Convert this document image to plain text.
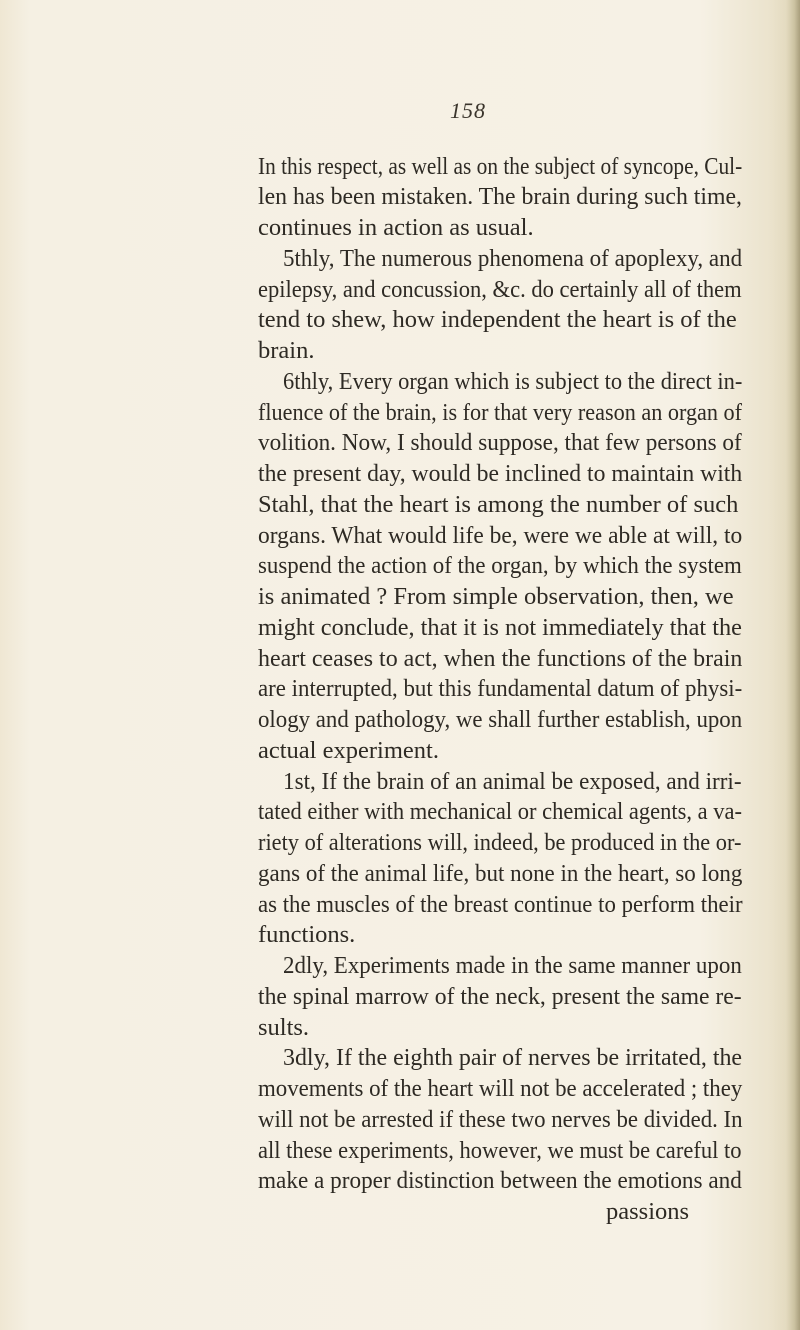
158
In this respect, as well as on the subject of syncope, Cul-
len has been mistaken. The brain during such time,
continues in action as usual.
5thly, The numerous phenomena of apoplexy, and
epilepsy, and concussion, &c. do certainly all of them
tend to shew, how independent the heart is of the
brain.
6thly, Every organ which is subject to the direct in-
fluence of the brain, is for that very reason an organ of
volition. Now, I should suppose, that few persons of
the present day, would be inclined to maintain with
Stahl, that the heart is among the number of such
organs. What would life be, were we able at will, to
suspend the action of the organ, by which the system
is animated ? From simple observation, then, we
might conclude, that it is not immediately that the
heart ceases to act, when the functions of the brain
are interrupted, but this fundamental datum of physi-
ology and pathology, we shall further establish, upon
actual experiment.
1st, If the brain of an animal be exposed, and irri-
tated either with mechanical or chemical agents, a va-
riety of alterations will, indeed, be produced in the or-
gans of the animal life, but none in the heart, so long
as the muscles of the breast continue to perform their
functions.
2dly, Experiments made in the same manner upon
the spinal marrow of the neck, present the same re-
sults.
3dly, If the eighth pair of nerves be irritated, the
movements of the heart will not be accelerated ; they
will not be arrested if these two nerves be divided. In
all these experiments, however, we must be careful to
make a proper distinction between the emotions and
passions
